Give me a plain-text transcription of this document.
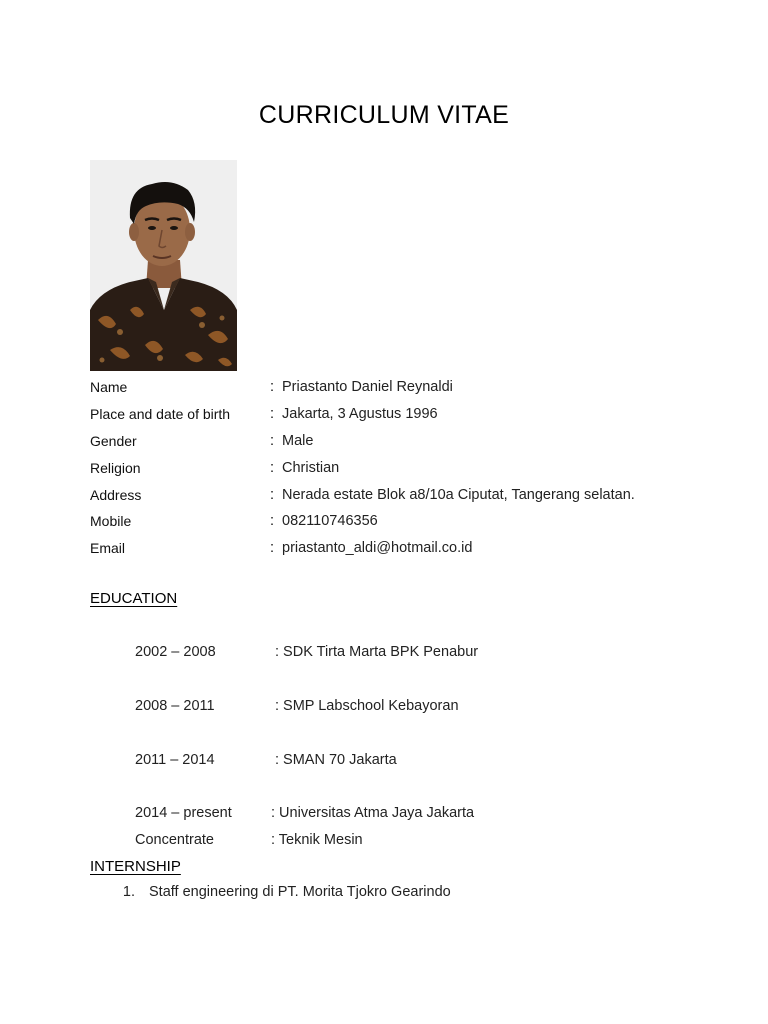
CURRICULUM VITAE
Name	: Priastanto Daniel Reynaldi
Place and date of birth	: Jakarta, 3 Agustus 1996
Gender	: Male
Religion	: Christian
Address	: Nerada estate Blok a8/10a Ciputat, Tangerang selatan.
Mobile	: 082110746356
Email	: priastanto_aldi@hotmail.co.id
EDUCATION
2002 – 2008	: SDK Tirta Marta BPK Penabur
2008 – 2011	: SMP Labschool Kebayoran
2011 – 2014	: SMAN 70 Jakarta
2014 – present	: Universitas Atma Jaya Jakarta
Concentrate	: Teknik Mesin
INTERNSHIP
1. Staff engineering di PT. Morita Tjokro Gearindo
